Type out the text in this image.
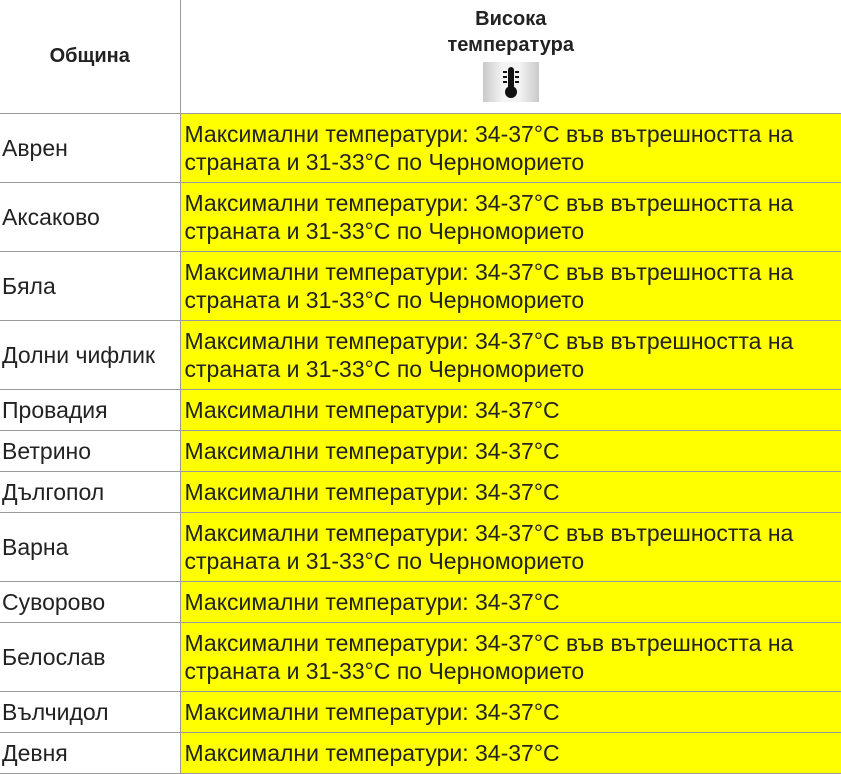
Община	Висока
температура

Аврен	Максимални температури: 34-37°C във вътрешността на страната и 31-33°C по Черноморието
Аксаково	Максимални температури: 34-37°C във вътрешността на страната и 31-33°C по Черноморието
Бяла	Максимални температури: 34-37°C във вътрешността на страната и 31-33°C по Черноморието
Долни чифлик	Максимални температури: 34-37°C във вътрешността на страната и 31-33°C по Черноморието
Провадия	Максимални температури: 34-37°C
Ветрино	Максимални температури: 34-37°C
Дългопол	Максимални температури: 34-37°C
Варна	Максимални температури: 34-37°C във вътрешността на страната и 31-33°C по Черноморието
Суворово	Максимални температури: 34-37°C
Белослав	Максимални температури: 34-37°C във вътрешността на страната и 31-33°C по Черноморието
Вълчидол	Максимални температури: 34-37°C
Девня	Максимални температури: 34-37°C
